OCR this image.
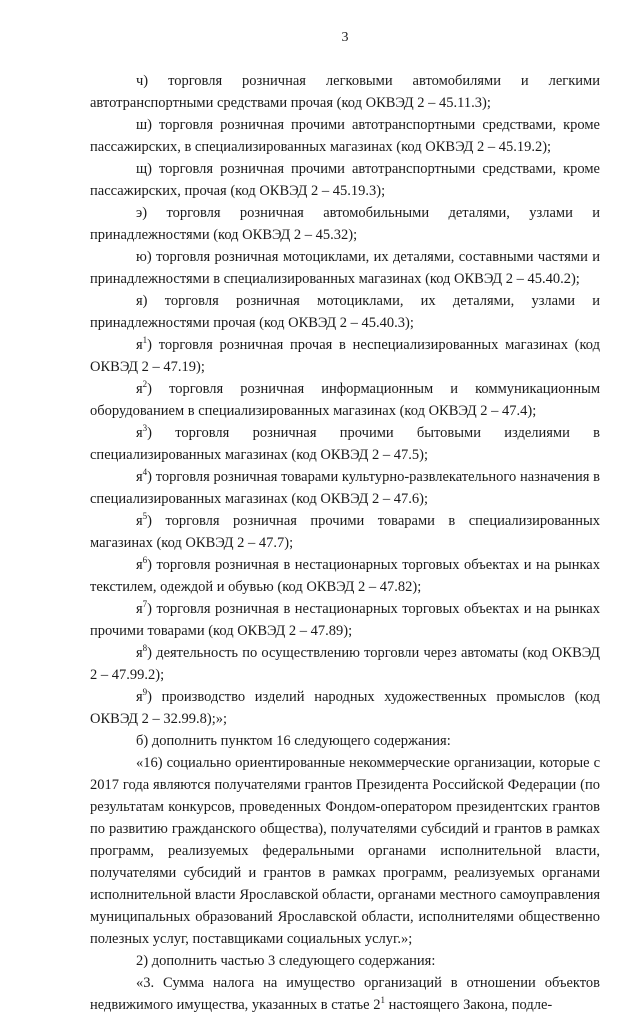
3

ч) торговля розничная легковыми автомобилями и легкими автотранспортными средствами прочая (код ОКВЭД 2 – 45.11.3);

ш) торговля розничная прочими автотранспортными средствами, кроме пассажирских, в специализированных магазинах (код ОКВЭД 2 – 45.19.2);

щ) торговля розничная прочими автотранспортными средствами, кроме пассажирских, прочая (код ОКВЭД 2 – 45.19.3);

э) торговля розничная автомобильными деталями, узлами и принадлежностями (код ОКВЭД 2 – 45.32);

ю) торговля розничная мотоциклами, их деталями, составными частями и принадлежностями в специализированных магазинах (код ОКВЭД 2 – 45.40.2);

я) торговля розничная мотоциклами, их деталями, узлами и принадлежностями прочая (код ОКВЭД 2 – 45.40.3);

$я^1$) торговля розничная прочая в неспециализированных магазинах (код ОКВЭД 2 – 47.19);

$я^2$) торговля розничная информационным и коммуникационным оборудованием в специализированных магазинах (код ОКВЭД 2 – 47.4);

$я^3$) торговля розничная прочими бытовыми изделиями в специализированных магазинах (код ОКВЭД 2 – 47.5);

$я^4$) торговля розничная товарами культурно-развлекательного назначения в специализированных магазинах (код ОКВЭД 2 – 47.6);

$я^5$) торговля розничная прочими товарами в специализированных магазинах (код ОКВЭД 2 – 47.7);

$я^6$) торговля розничная в нестационарных торговых объектах и на рынках текстилем, одеждой и обувью (код ОКВЭД 2 – 47.82);

$я^7$) торговля розничная в нестационарных торговых объектах и на рынках прочими товарами (код ОКВЭД 2 – 47.89);

$я^8$) деятельность по осуществлению торговли через автоматы (код ОКВЭД 2 – 47.99.2);

$я^9$) производство изделий народных художественных промыслов (код ОКВЭД 2 – 32.99.8);»;

б) дополнить пунктом 16 следующего содержания:

«16) социально ориентированные некоммерческие организации, которые с 2017 года являются получателями грантов Президента Российской Федерации (по результатам конкурсов, проведенных Фондом-оператором президентских грантов по развитию гражданского общества), получателями субсидий и грантов в рамках программ, реализуемых федеральными органами исполнительной власти, получателями субсидий и грантов в рамках программ, реализуемых органами исполнительной власти Ярославской области, органами местного самоуправления муниципальных образований Ярославской области, исполнителями общественно полезных услуг, поставщиками социальных услуг.»;

2) дополнить частью 3 следующего содержания:

«3. Сумма налога на имущество организаций в отношении объектов недвижимого имущества, указанных в статье $2^1$ настоящего Закона, подле-
